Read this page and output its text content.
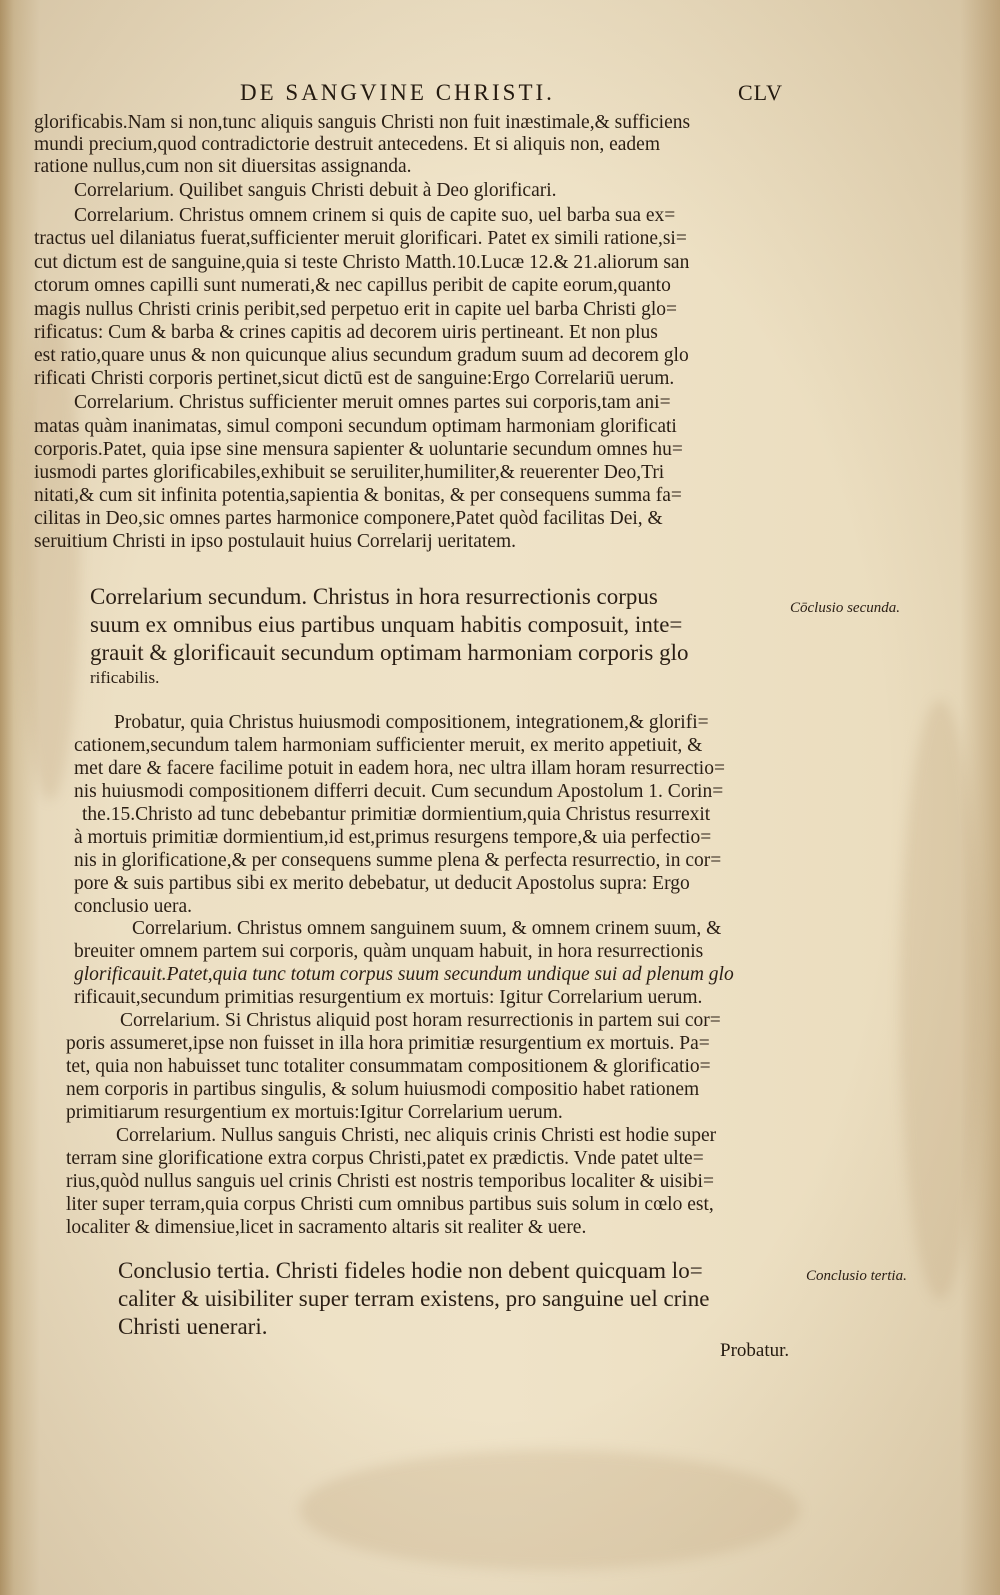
DE SANGVINE CHRISTI.	CLV
glorificabis.Nam si non,tunc aliquis sanguis Christi non fuit inæstimale,& sufficiens
mundi precium,quod contradictorie destruit antecedens. Et si aliquis non, eadem
ratione nullus,cum non sit diuersitas assignanda.
Correlarium. Quilibet sanguis Christi debuit à Deo glorificari.
Correlarium. Christus omnem crinem si quis de capite suo, uel barba sua ex=
tractus uel dilaniatus fuerat,sufficienter meruit glorificari. Patet ex simili ratione,si=
cut dictum est de sanguine,quia si teste Christo Matth.10.Lucæ 12.& 21.aliorum san
ctorum omnes capilli sunt numerati,& nec capillus peribit de capite eorum,quanto
magis nullus Christi crinis peribit,sed perpetuo erit in capite uel barba Christi glo=
rificatus: Cum & barba & crines capitis ad decorem uiris pertineant. Et non plus
est ratio,quare unus & non quicunque alius secundum gradum suum ad decorem glo
rificati Christi corporis pertinet,sicut dictū est de sanguine:Ergo Correlariū uerum.
Correlarium. Christus sufficienter meruit omnes partes sui corporis,tam ani=
matas quàm inanimatas, simul componi secundum optimam harmoniam glorificati
corporis.Patet, quia ipse sine mensura sapienter & uoluntarie secundum omnes hu=
iusmodi partes glorificabiles,exhibuit se seruiliter,humiliter,& reuerenter Deo,Tri
nitati,& cum sit infinita potentia,sapientia & bonitas, & per consequens summa fa=
cilitas in Deo,sic omnes partes harmonice componere,Patet quòd facilitas Dei, &
seruitium Christi in ipso postulauit huius Correlarij ueritatem.
Correlarium secundum. Christus in hora resurrectionis corpus
suum ex omnibus eius partibus unquam habitis composuit, inte=
grauit & glorificauit secundum optimam harmoniam corporis glo
rificabilis.
Probatur, quia Christus huiusmodi compositionem, integrationem,& glorifi=
cationem,secundum talem harmoniam sufficienter meruit, ex merito appetiuit, &
met dare & facere facilime potuit in eadem hora, nec ultra illam horam resurrectio=
nis huiusmodi compositionem differri decuit. Cum secundum Apostolum 1. Corin=
the.15.Christo ad tunc debebantur primitiæ dormientium,quia Christus resurrexit
à mortuis primitiæ dormientium,id est,primus resurgens tempore,& uia perfectio=
nis in glorificatione,& per consequens summe plena & perfecta resurrectio, in cor=
pore & suis partibus sibi ex merito debebatur, ut deducit Apostolus supra: Ergo
conclusio uera.
Correlarium. Christus omnem sanguinem suum, & omnem crinem suum, &
breuiter omnem partem sui corporis, quàm unquam habuit, in hora resurrectionis
glorificauit.Patet,quia tunc totum corpus suum secundum undique sui ad plenum glo
rificauit,secundum primitias resurgentium ex mortuis: Igitur Correlarium uerum.
Correlarium. Si Christus aliquid post horam resurrectionis in partem sui cor=
poris assumeret,ipse non fuisset in illa hora primitiæ resurgentium ex mortuis. Pa=
tet, quia non habuisset tunc totaliter consummatam compositionem & glorificatio=
nem corporis in partibus singulis, & solum huiusmodi compositio habet rationem
primitiarum resurgentium ex mortuis:Igitur Correlarium uerum.
Correlarium. Nullus sanguis Christi, nec aliquis crinis Christi est hodie super
terram sine glorificatione extra corpus Christi,patet ex prædictis. Vnde patet ulte=
rius,quòd nullus sanguis uel crinis Christi est nostris temporibus localiter & uisibi=
liter super terram,quia corpus Christi cum omnibus partibus suis solum in cœlo est,
localiter & dimensiue,licet in sacramento altaris sit realiter & uere.
Conclusio tertia. Christi fideles hodie non debent quicquam lo=
caliter & uisibiliter super terram existens, pro sanguine uel crine
Christi uenerari.
Cōclusio secunda.
Conclusio tertia.
Probatur.
